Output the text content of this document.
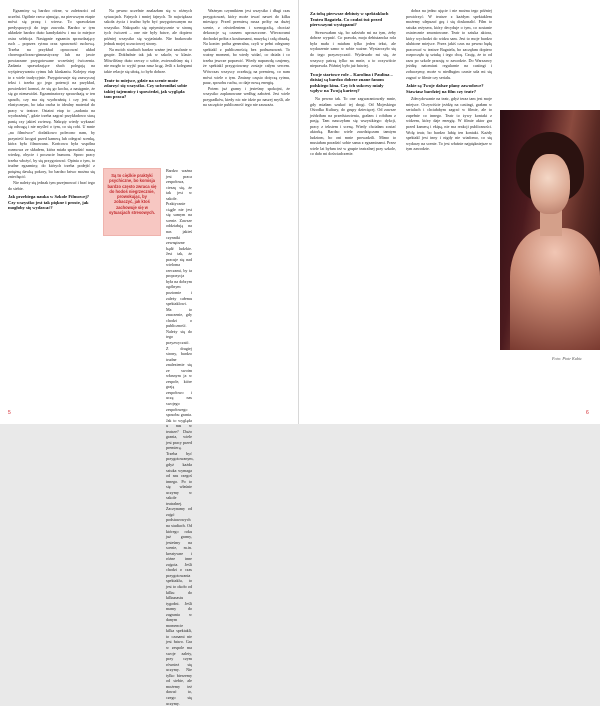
Egzaminy są bardzo różne, w zależności od uczelni. Ogólnie rzecz ujmując, na pierwszym etapie mówi się prozę i wiersz. To sprawdzian predyspozycji do tego zawodu. Bardzo w tym układzie bardzo dużo kandydatów i ma to miejsce ostra selekcja. Następnie egzamin sprawdzający ruch – poprzez rytmu oraz sprawność ruchową. Trzeba na przykład opracować układ choreograficzno-gimnastyczny lub na jawie powtarzane przygotowane wcześniej ćwiczenia. Zadania sprawdzające słuch polegają na wyśpiewywaniu rytmu lub klaskaniu. Kolejny etap to z wiele tradycyjnie. Przygotowuje się zazwyczaj tekst i trzeba go jego potencji na przykład, powiedzieć komuś, że się go kocha, a następnie, że się go nienawidzi. Egzaminatorzy sprawdzają w ten sposób, czy ma się wyobraźnię i czy jest się elastycznym, bo taka osoba to idealny materiał do pracy w teatrze. Ostatni etap to „zadania na wyobraźnię”, gdzie trzeba zagrać przykładowo starą panią czy jakieś zwierzę. Nakręty wiedy wykazać się odwagą i nie myśleć o tym, co się robi. U mnie „na filmówce” dodatkowo polecono nam, by przynieść krogoś przed kamerą lub odegrać scenkę, która była filmowana. Końcowa była wspólna rozmowa ze składem, która miała sprawdzić naszą wiedzę, obycie i poczucie humoru. Sporo pracy trzeba włożyć, by się przygotować. Opinia o tym, to trudne egzaminy, do których trzeba podejść z potężną dawką pokory, bo bardzo łatwo można się zniechęcić.

Nie należy się jednak tym przejmować i brać tego do siebie.

Jak przebiega nauka w Szkole Filmowej? Czy wszystko jest tak piękne i proste, jak mogłoby się wydawać?

Na pewno uczelnie znalazłam się w różnych sytuacjach. Fajnych i mniej fajnych. To największa szkoła życia i trudno było być przygotowanym na wszystko. Nakręcało się optymistycznie w stronę tych ćwiczeń – one nie były łatwe, ale dopiero później wszystko się wyjaśniało. Nie brakowało jednak mojej uczuciowej strony.

Na moich studiach bardzo ważne jest zaufanie w grupie. Dokładnie tak jak w szkole, w klasie. Mówiliśmy dużo rzeczy o sobie, zwierzaliśmy się i nie mogło to wyjść poza nasz krąg. Jeśli z kolegami takie relacje się ułożą, to było dobrze.

Teatr to miejsce, gdzie na scenie może zdarzyć się wszystko. Czy uchroniłaś sobie takiej tajemnicy i spowiedzi, jak wygląda tam praca?
Są to ciężkie praktyki psychiczne, bo komisja bardzo często zwraca się do hodoś niegrzecznie, prowokując, by zobaczyć, jak ktoś zachowuje się w sytuacjach stresowych.

Bardzo ważna jest praca zespołowa, cieszę się, że tak jest w szkole. Praktycznie ciągle nie jest się samym na scenie. Zawsze oddziałują na nas jakieś czynniki zewnętrzne bądź ludzkie. Jest tak, że pracuje się nad wieloma rzeczami, by ta propozycja była na dobrym ogólnym poziomie i zależy całemu spektaklowi. Ma to znaczenie, gdy chodzi o publiczność. Należy się do tego przyzwyczaić. Z drugiej strony, bardzo trudne znalezienie się ze swoim własnym ja w zespole, które grają zespołowo i uczą nas swojego zespołowego sposobu grania. Jak to wygląda u nas w teatrze? Dużo grania, wiele jest pracy przed premierą. Trzeba być przygotowanym, gdyż każda sztuka wymaga od nas czegoś innego. Po to się właśnie uczymy w szkole teatralnej. Zaczynamy od zajęć podstawowych na studiach. Od którego roku już gramy, jesteśmy na scenie, m.in. kreatywne i różne inne zajęcia. Jeśli chodzi o czas przygotowania spektaklu, to jest to około od kilku do kilkunastu tygodni. Jeśli mamy do zagrania w danym momencie kilka spektakli, to czasami nie jest łatwo. Gra w zespole ma swoje zalety, przy czym również się uczymy. Nie tylko bierzemy od siebie, ale możemy też dawać to, czego się uczymy.

Ważnym czynnikiem jest wszystko i długi czas przygotowań, który może trwać nawet do kilku miesięcy. Przed premierą rusza próby na dużej scenie, z oświetleniem i scenografią, chociaż dekoracje są czasem uproszczone. Wieczorami dochodzi próba z kostiumami, muzyką i całą obsadą. Na koniec próba generalna, czyli w pełni odegrany spektakl z publicznością bez podsumowań. To ważny moment, bo wtedy widać, co działa i co trzeba jeszcze poprawić. Wtedy naprawdę czujemy, że spektakl przygotowany zostaje całym sercem. Wówczas wszyscy oczekują na premierę, co nam mówi wiele o tym. Zmiany często dotyczą rytmu, pauz, sposobu ruchu, co daje nową energię.

Potem już gramy i jesteśmy spokojni, że wszystko zaplanowane według założeń. Jest wiele przypadków, kiedy nic nie idzie po naszej myśli, ale na szczęście publiczność tego nie zauważa.

5
Za tobą pierwsze debiuty w spektaklach Teatru Bagatela. Co czułaś tuż przed pierwszymi występami?

Stresowałam się, bo zależało mi na tym, żeby dobrze wypaść. Co prawda, moja debiutancka rola była mała i miałam tylko jeden tekst, ale wydarzenie samo w sobie ważne. Wystarczyło się do tego przyzwyczaić. Wydawało mi się, że wszyscy patrzą tylko na mnie, a to oczywiście nieprawda. Później było już łatwiej.

Twoje startowe role – Karolina i Paulina – dzisiaj są bardzo dobrze znane fanom polskiego kina. Czy ich sukcesy miały wpływ na Twoją karierę?

Na pewno tak. To one zagwarantowały mnie, gdy miałam szukać tej drogi. Od Mojeskiego Ośrodka Kultury, do grupy dziecięcej. Od zawsze jeździłam na przedstawienia, grałam i robiłam z pasją. Tam nauczyłam się wszystkiego: dykcji, pracy z tekstem i sceną. Wtedy chciałam zostać aktorką. Bardzo wiele zawdzięczam tamtym ludziom, bo oni mnie prowadzili. Mimo to musiałam poradzić sobie sama z egzaminami. Przez wiele lat byłam też w grupie teatralnej przy szkole, co dało mi doświadczenie.

dobra na jedno ujęcie i nie można tego później powtórzyć. W teatrze z każdym spektaklem możemy ulepszać grę i się doskonalić. Film to sztuka reżysera, który decyduje o tym, co zostanie ostatecznie zmontowane. Teatr to sztuka aktora, który wychodzi do widza sam. Jest to moje bardzo ulubione miejsce. Przez jakiś czas na pewno będę pracować w teatrze Bagatela, bo zaczęłam dopiero rozpoczęła tę sztukę i tego chcę. Czuję, że to od razu po szkole pracuję w zawodzie. Do Warszawy jeżdżę natomiast regularnie na castingi i zobaczymy, może w niedługim czasie uda mi się zagrać w filmie czy serialu.

Jakie są Twoje dalsze plany zawodowe? Stawiasz bardziej na film czy teatr?

Zdecydowanie na teatr, gdyż teraz tam jest moje miejsce. Oczywiście jeżdżę na castingi, grałam w serialach i chciałabym zagrać w filmie, ale to zupełnie co innego. Teatr to żywy kontakt z widzem, który daje energię. W filmie aktor gra przed kamerą i ekipą, nie ma reakcji publiczności. Wolę teatr, bo bardzo lubię ten kontakt. Każdy spektakl jest inny i nigdy nie wiadomo, co się wydarzy na scenie. To jest właśnie najpiękniejsze w tym zawodzie.

Foto: Piotr Kubic
6
